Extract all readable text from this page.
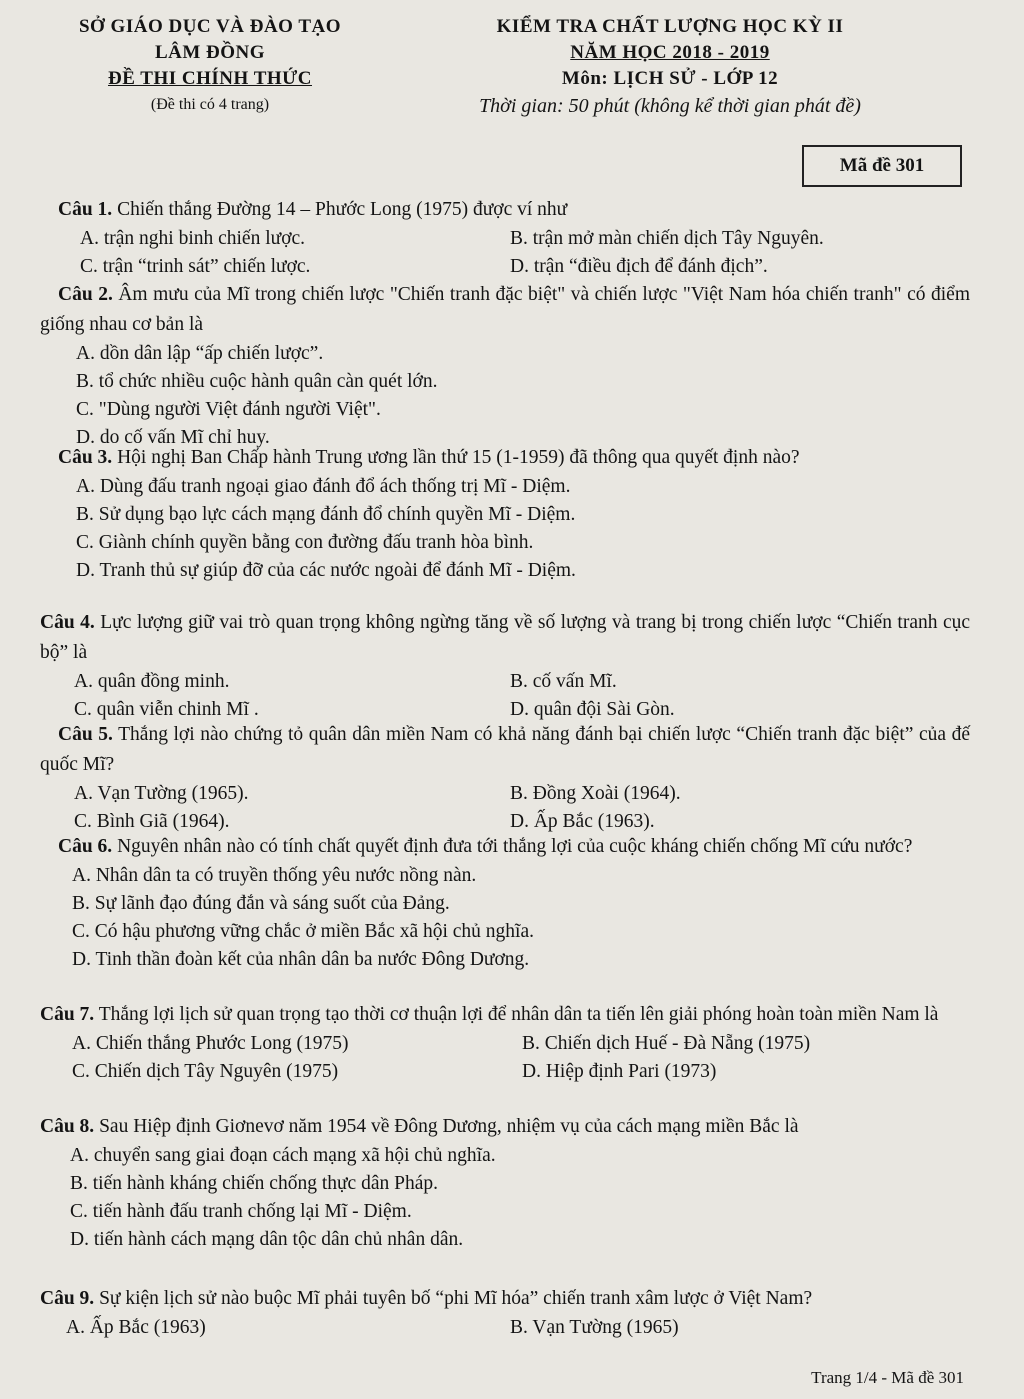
SỞ GIÁO DỤC VÀ ĐÀO TẠO
LÂM ĐỒNG
ĐỀ THI CHÍNH THỨC
(Đề thi có 4 trang)
KIỂM TRA CHẤT LƯỢNG HỌC KỲ II
NĂM HỌC 2018 - 2019
Môn: LỊCH SỬ - LỚP 12
Thời gian: 50 phút (không kể thời gian phát đề)
Mã đề 301

Câu 1. Chiến thắng Đường 14 – Phước Long (1975) được ví như

A. trận nghi binh chiến lược.	B. trận mở màn chiến dịch Tây Nguyên.
C. trận “trinh sát” chiến lược.	D. trận “điều địch để đánh địch”.

Câu 2. Âm mưu của Mĩ trong chiến lược "Chiến tranh đặc biệt" và chiến lược "Việt Nam hóa chiến tranh" có điểm giống nhau cơ bản là

A. dồn dân lập “ấp chiến lược”.
B. tổ chức nhiều cuộc hành quân càn quét lớn.
C. "Dùng người Việt đánh người Việt".
D. do cố vấn Mĩ chỉ huy.

Câu 3. Hội nghị Ban Chấp hành Trung ương lần thứ 15 (1-1959) đã thông qua quyết định nào?

A. Dùng đấu tranh ngoại giao đánh đổ ách thống trị Mĩ - Diệm.
B. Sử dụng bạo lực cách mạng đánh đổ chính quyền Mĩ - Diệm.
C. Giành chính quyền bằng con đường đấu tranh hòa bình.
D. Tranh thủ sự giúp đỡ của các nước ngoài để đánh Mĩ - Diệm.

Câu 4. Lực lượng giữ vai trò quan trọng không ngừng tăng về số lượng và trang bị trong chiến lược “Chiến tranh cục bộ” là

A. quân đồng minh.	B. cố vấn Mĩ.
C. quân viễn chinh Mĩ .	D. quân đội Sài Gòn.

Câu 5. Thắng lợi nào chứng tỏ quân dân miền Nam có khả năng đánh bại chiến lược “Chiến tranh đặc biệt” của đế quốc Mĩ?

A. Vạn Tường (1965).	B. Đồng Xoài (1964).
C. Bình Giã (1964).	D. Ấp Bắc (1963).

Câu 6. Nguyên nhân nào có tính chất quyết định đưa tới thắng lợi của cuộc kháng chiến chống Mĩ cứu nước?

A. Nhân dân ta có truyền thống yêu nước nồng nàn.
B. Sự lãnh đạo đúng đắn và sáng suốt của Đảng.
C. Có hậu phương vững chắc ở miền Bắc xã hội chủ nghĩa.
D. Tinh thần đoàn kết của nhân dân ba nước Đông Dương.

Câu 7. Thắng lợi lịch sử quan trọng tạo thời cơ thuận lợi để nhân dân ta tiến lên giải phóng hoàn toàn miền Nam là

A. Chiến thắng Phước Long (1975)	B. Chiến dịch Huế - Đà Nẵng (1975)
C. Chiến dịch Tây Nguyên (1975)	D. Hiệp định Pari (1973)

Câu 8. Sau Hiệp định Giơnevơ năm 1954 về Đông Dương, nhiệm vụ của cách mạng miền Bắc là

A. chuyển sang giai đoạn cách mạng xã hội chủ nghĩa.
B. tiến hành kháng chiến chống thực dân Pháp.
C. tiến hành đấu tranh chống lại Mĩ - Diệm.
D. tiến hành cách mạng dân tộc dân chủ nhân dân.

Câu 9. Sự kiện lịch sử nào buộc Mĩ phải tuyên bố “phi Mĩ hóa” chiến tranh xâm lược ở Việt Nam?

A. Ấp Bắc (1963)	B. Vạn Tường (1965)
Trang 1/4 - Mã đề 301
